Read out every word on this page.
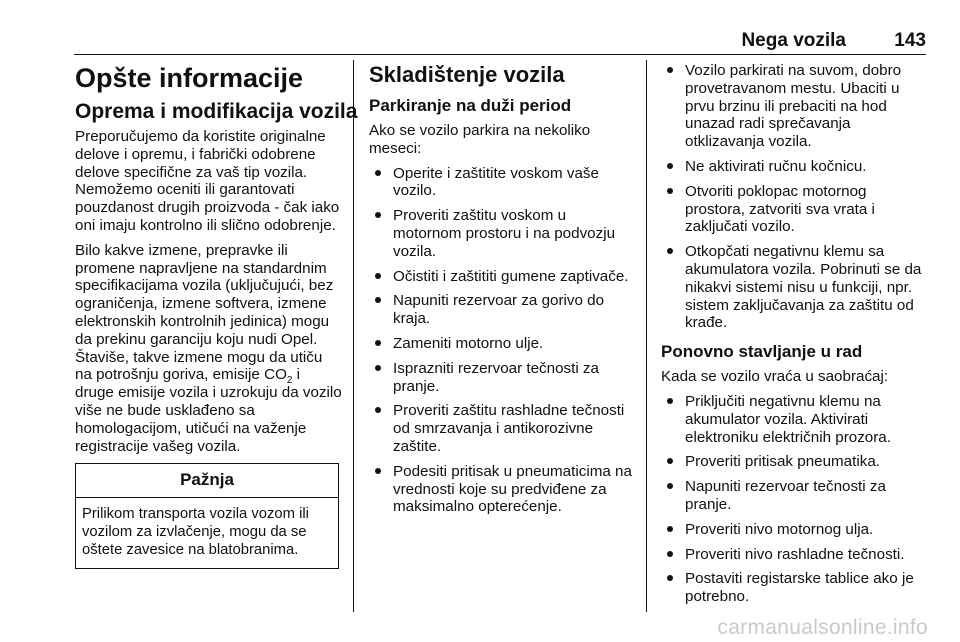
Nega vozila	143
Opšte informacije
Oprema i modifikacija vozila

Preporučujemo da koristite originalne delove i opremu, i fabrički odobrene delove specifične za vaš tip vozila. Nemožemo oceniti ili garantovati pouzdanost drugih proizvoda - čak iako oni imaju kontrolno ili slično odobrenje.

Bilo kakve izmene, prepravke ili promene napravljene na standardnim specifikacijama vozila (uključujući, bez ograničenja, izmene softvera, izmene elektronskih kontrolnih jedinica) mogu da prekinu garanciju koju nudi Opel. Štaviše, takve izmene mogu da utiču na potrošnju goriva, emisije $CO_2$ i druge emisije vozila i uzrokuju da vozilo više ne bude usklađeno sa homologacijom, utičući na važenje registracije vašeg vozila.

Pažnja
Prilikom transporta vozila vozom ili vozilom za izvlačenje, mogu da se oštete zavesice na blatobranima.
Skladištenje vozila
Parkiranje na duži period

Ako se vozilo parkira na nekoliko meseci:

Operite i zaštitite voskom vaše vozilo.
Proveriti zaštitu voskom u motornom prostoru i na podvozju vozila.
Očistiti i zaštititi gumene zaptivače.
Napuniti rezervoar za gorivo do kraja.
Zameniti motorno ulje.
Isprazniti rezervoar tečnosti za pranje.
Proveriti zaštitu rashladne tečnosti od smrzavanja i antikorozivne zaštite.
Podesiti pritisak u pneumaticima na vrednosti koje su predviđene za maksimalno opterećenje.
Vozilo parkirati na suvom, dobro provetravanom mestu. Ubaciti u prvu brzinu ili prebaciti na hod unazad radi sprečavanja otklizavanja vozila.
Ne aktivirati ručnu kočnicu.
Otvoriti poklopac motornog prostora, zatvoriti sva vrata i zaključati vozilo.
Otkopčati negativnu klemu sa akumulatora vozila. Pobrinuti se da nikakvi sistemi nisu u funkciji, npr. sistem zaključavanja za zaštitu od krađe.
Ponovno stavljanje u rad

Kada se vozilo vraća u saobraćaj:

Priključiti negativnu klemu na akumulator vozila. Aktivirati elektroniku električnih prozora.
Proveriti pritisak pneumatika.
Napuniti rezervoar tečnosti za pranje.
Proveriti nivo motornog ulja.
Proveriti nivo rashladne tečnosti.
Postaviti registarske tablice ako je potrebno.
carmanualsonline.info
